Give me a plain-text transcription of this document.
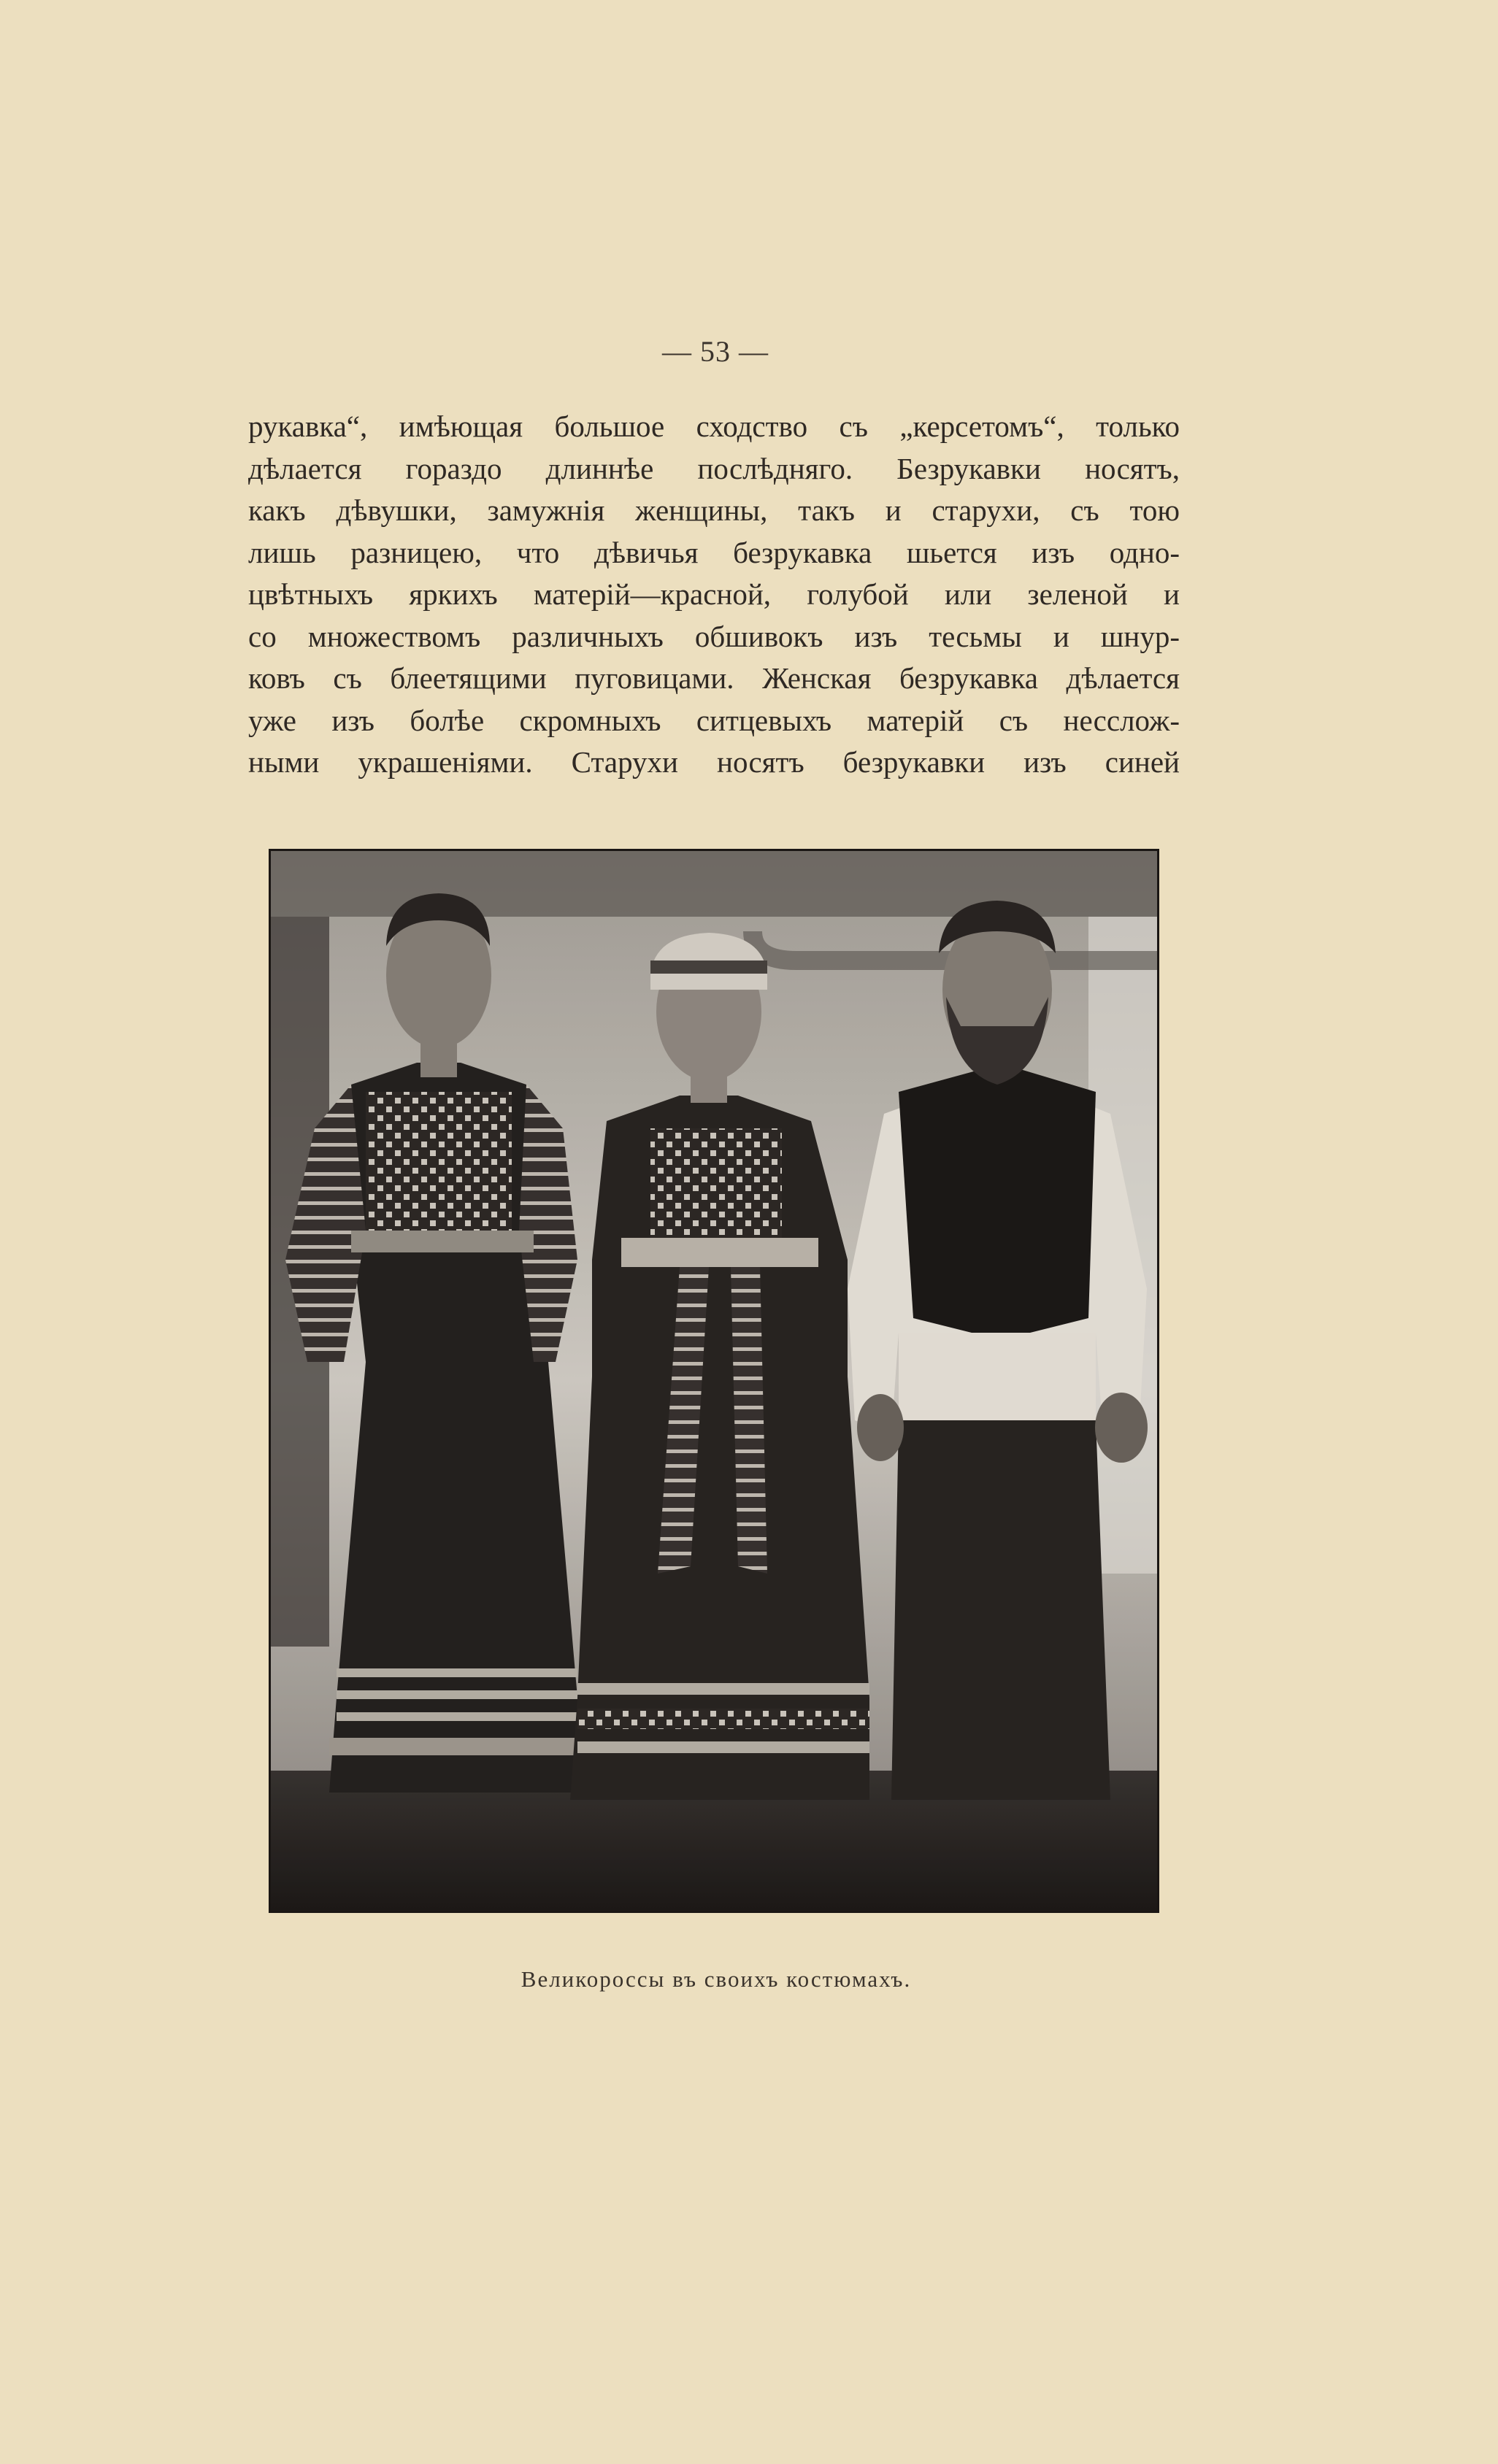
— 53 —
рукавка“, имѣющая большое сходство съ „керсетомъ“, только
дѣлается гораздо длиннѣе послѣдняго. Безрукавки носятъ,
какъ дѣвушки, замужнія женщины, такъ и старухи, съ тою
лишь разницею, что дѣвичья безрукавка шьется изъ одно-
цвѣтныхъ яркихъ матерій—красной, голубой или зеленой и
со множествомъ различныхъ обшивокъ изъ тесьмы и шнур-
ковъ съ блеетящими пуговицами. Женская безрукавка дѣлается
уже изъ болѣе скромныхъ ситцевыхъ матерій съ несслож-
ными украшеніями. Старухи носятъ безрукавки изъ синей
Великороссы въ своихъ костюмахъ.
